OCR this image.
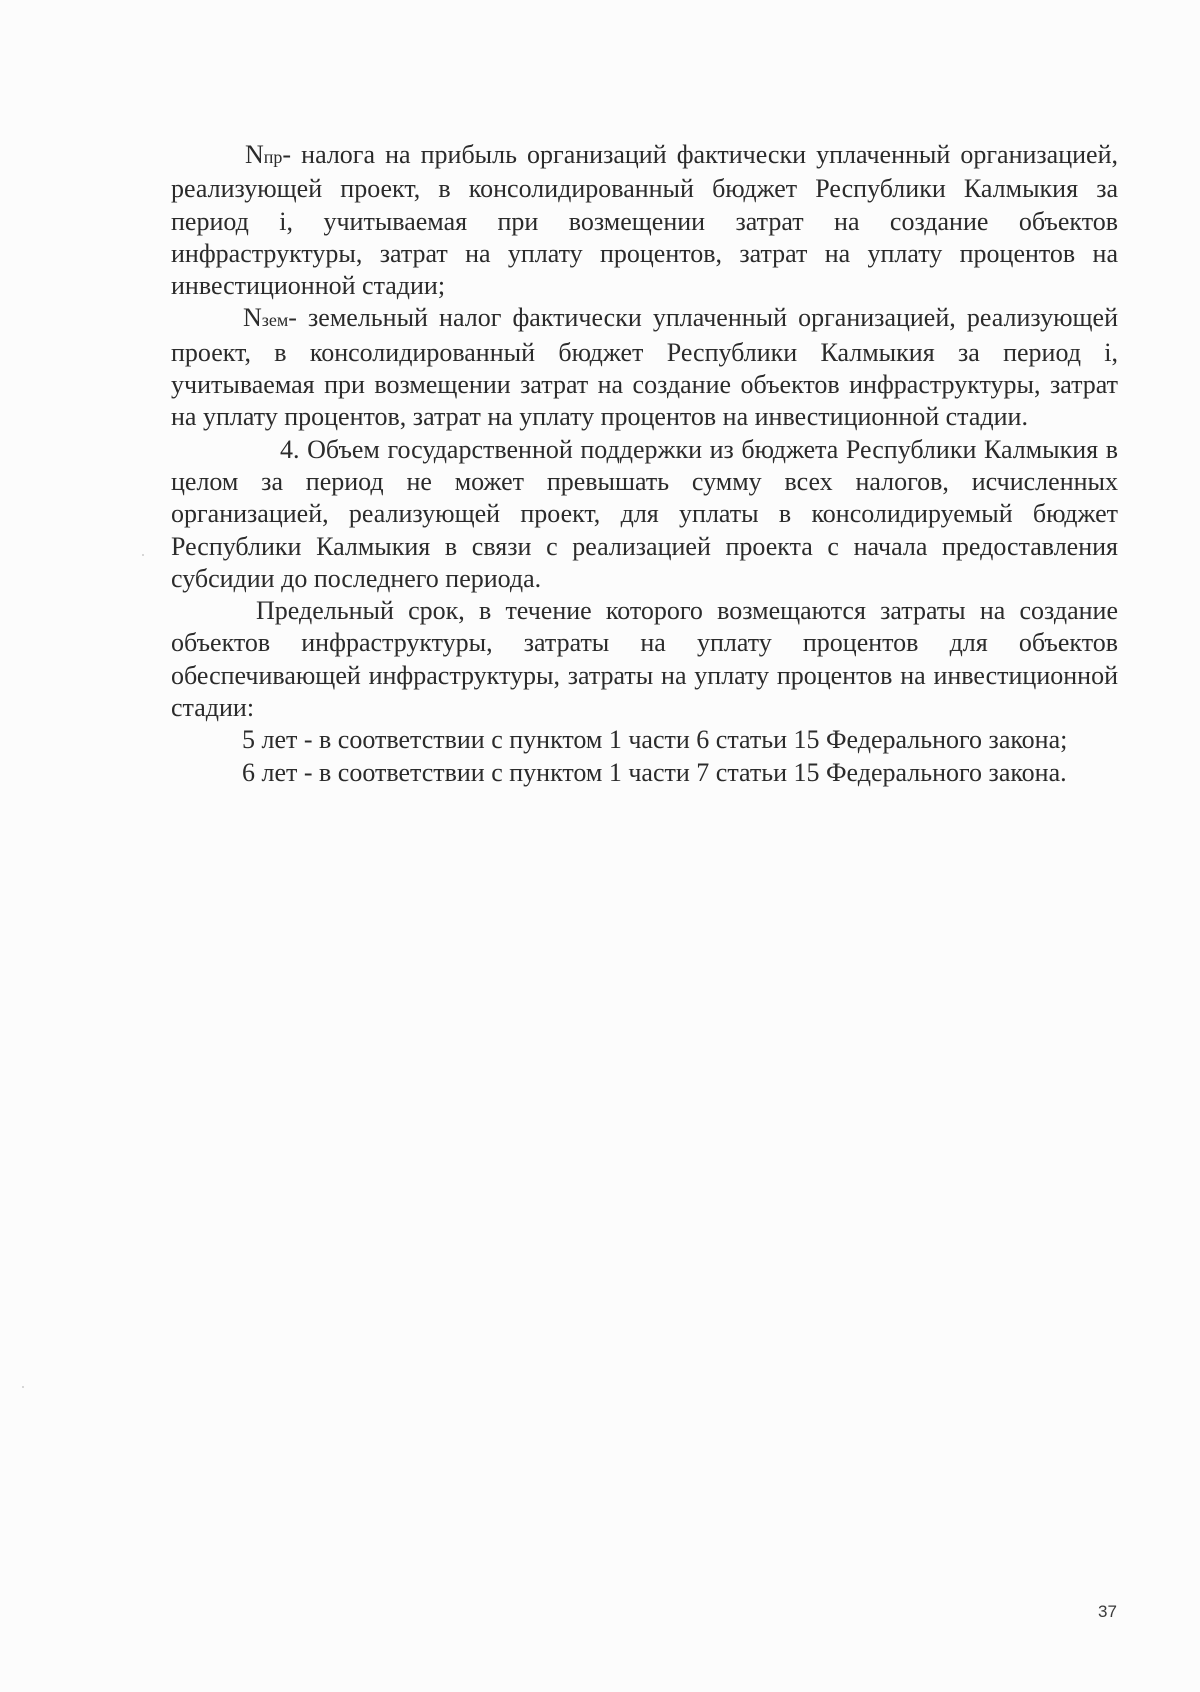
Nпр- налога на прибыль организаций фактически уплаченный организацией, реализующей проект, в консолидированный бюджет Республики Калмыкия за период i, учитываемая при возмещении затрат на создание объектов инфраструктуры, затрат на уплату процентов, затрат на уплату процентов на инвестиционной стадии;

Nзем- земельный налог фактически уплаченный организацией, реализующей проект, в консолидированный бюджет Республики Калмыкия за период i, учитываемая при возмещении затрат на создание объектов инфраструктуры, затрат на уплату процентов, затрат на уплату процентов на инвестиционной стадии.

4. Объем государственной поддержки из бюджета Республики Калмыкия в целом за период не может превышать сумму всех налогов, исчисленных организацией, реализующей проект, для уплаты в консолидируемый бюджет Республики Калмыкия в связи с реализацией проекта с начала предоставления субсидии до последнего периода.

Предельный срок, в течение которого возмещаются затраты на создание объектов инфраструктуры, затраты на уплату процентов для объектов обеспечивающей инфраструктуры, затраты на уплату процентов на инвестиционной стадии:

5 лет - в соответствии с пунктом 1 части 6 статьи 15 Федерального закона;

6 лет - в соответствии с пунктом 1 части 7 статьи 15 Федерального закона.

37
